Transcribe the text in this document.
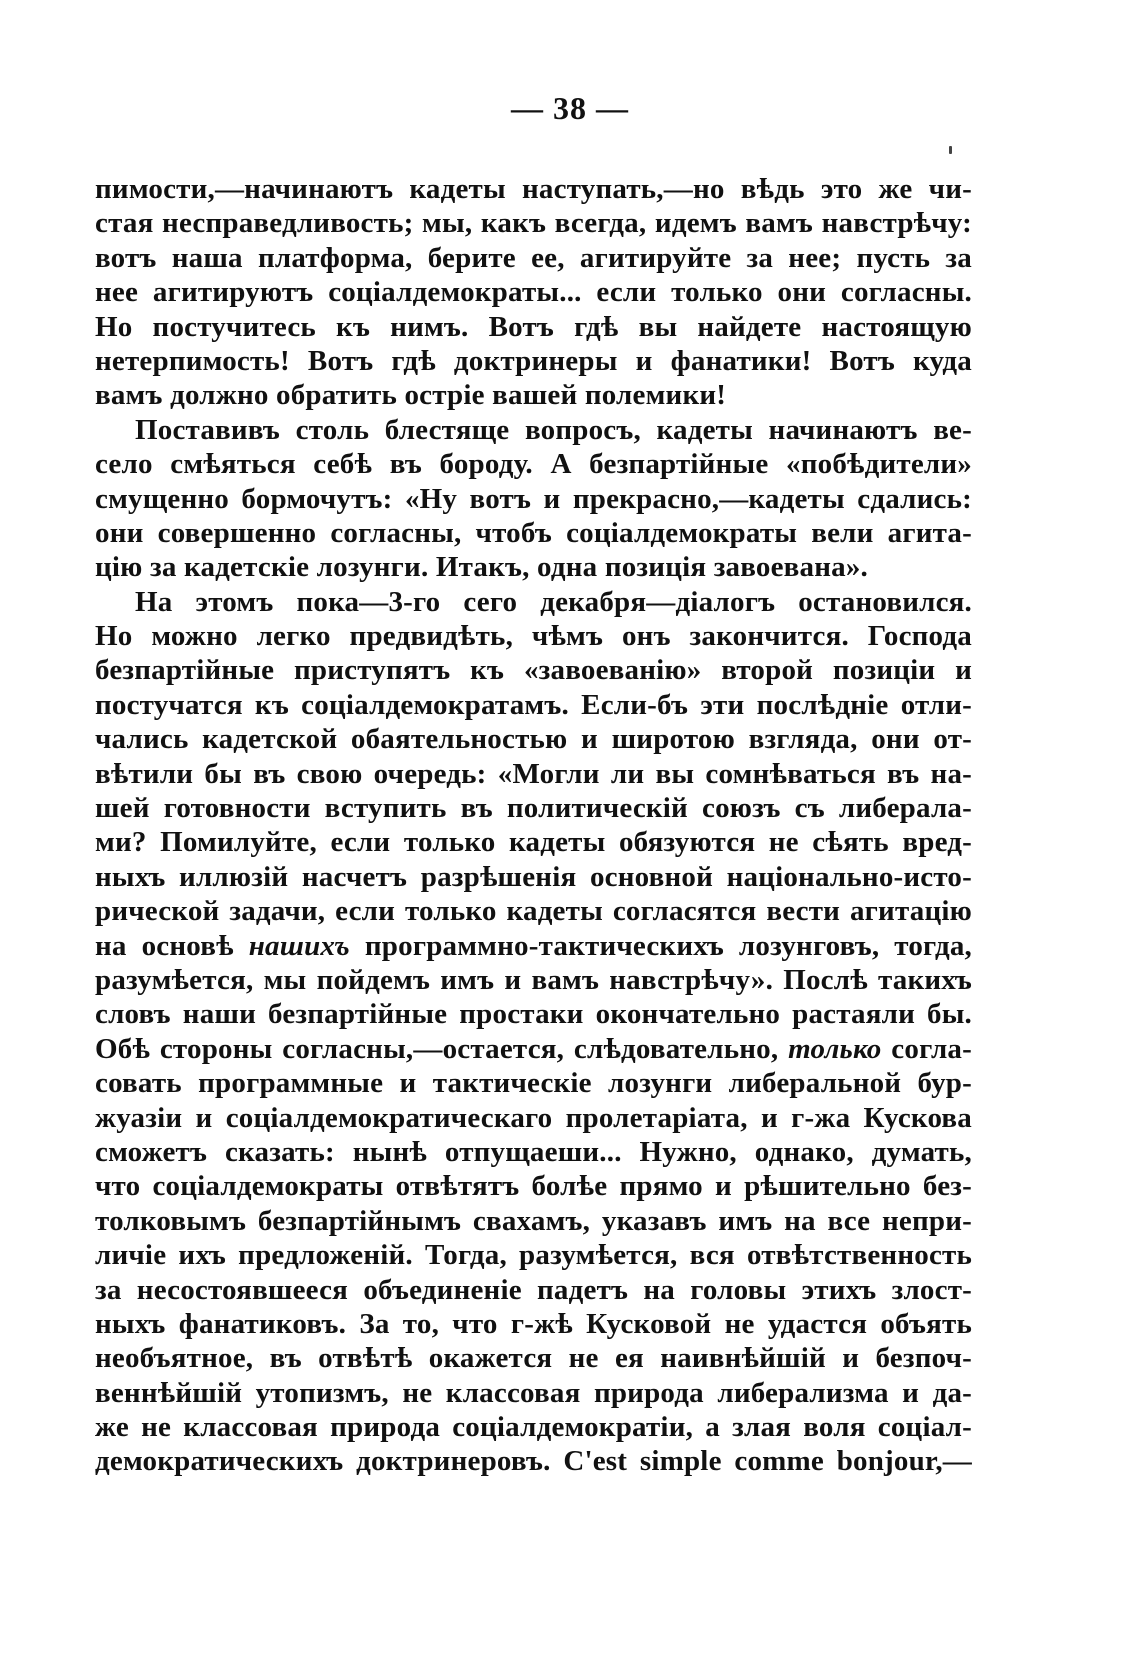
— 38 —
пимости,—начинаютъ кадеты наступать,—но вѣдь это же чи-
стая несправедливость; мы, какъ всегда, идемъ вамъ навстрѣчу:
вотъ наша платформа, берите ее, агитируйте за нее; пусть за
нее агитируютъ соціалдемократы... если только они согласны.
Но постучитесь къ нимъ. Вотъ гдѣ вы найдете настоящую
нетерпимость! Вотъ гдѣ доктринеры и фанатики! Вотъ куда
вамъ должно обратить остріе вашей полемики!
Поставивъ столь блестяще вопросъ, кадеты начинаютъ ве-
село смѣяться себѣ въ бороду. А безпартійные «побѣдители»
смущенно бормочутъ: «Ну вотъ и прекрасно,—кадеты сдались:
они совершенно согласны, чтобъ соціалдемократы вели агита-
цію за кадетскіе лозунги. Итакъ, одна позиція завоевана».
На этомъ пока—3-го сего декабря—діалогъ остановился.
Но можно легко предвидѣть, чѣмъ онъ закончится. Господа
безпартійные приступятъ къ «завоеванію» второй позиціи и
постучатся къ соціалдемократамъ. Если-бъ эти послѣдніе отли-
чались кадетской обаятельностью и широтою взгляда, они от-
вѣтили бы въ свою очередь: «Могли ли вы сомнѣваться въ на-
шей готовности вступить въ политическій союзъ съ либерала-
ми? Помилуйте, если только кадеты обязуются не сѣять вред-
ныхъ иллюзій насчетъ разрѣшенія основной національно-исто-
рической задачи, если только кадеты согласятся вести агитацію
на основѣ нашихъ программно-тактическихъ лозунговъ, тогда,
разумѣется, мы пойдемъ имъ и вамъ навстрѣчу». Послѣ такихъ
словъ наши безпартійные простаки окончательно растаяли бы.
Обѣ стороны согласны,—остается, слѣдовательно, только согла-
совать программные и тактическіе лозунги либеральной бур-
жуазіи и соціалдемократическаго пролетаріата, и г-жа Кускова
сможетъ сказать: нынѣ отпущаеши... Нужно, однако, думать,
что соціалдемократы отвѣтятъ болѣе прямо и рѣшительно без-
толковымъ безпартійнымъ свахамъ, указавъ имъ на все непри-
личіе ихъ предложеній. Тогда, разумѣется, вся отвѣтственность
за несостоявшееся объединеніе падетъ на головы этихъ злост-
ныхъ фанатиковъ. За то, что г-жѣ Кусковой не удастся объять
необъятное, въ отвѣтѣ окажется не ея наивнѣйшій и безпоч-
веннѣйшій утопизмъ, не классовая природа либерализма и да-
же не классовая природа соціалдемократіи, а злая воля соціал-
демократическихъ доктринеровъ. C'est simple comme bonjour,—
